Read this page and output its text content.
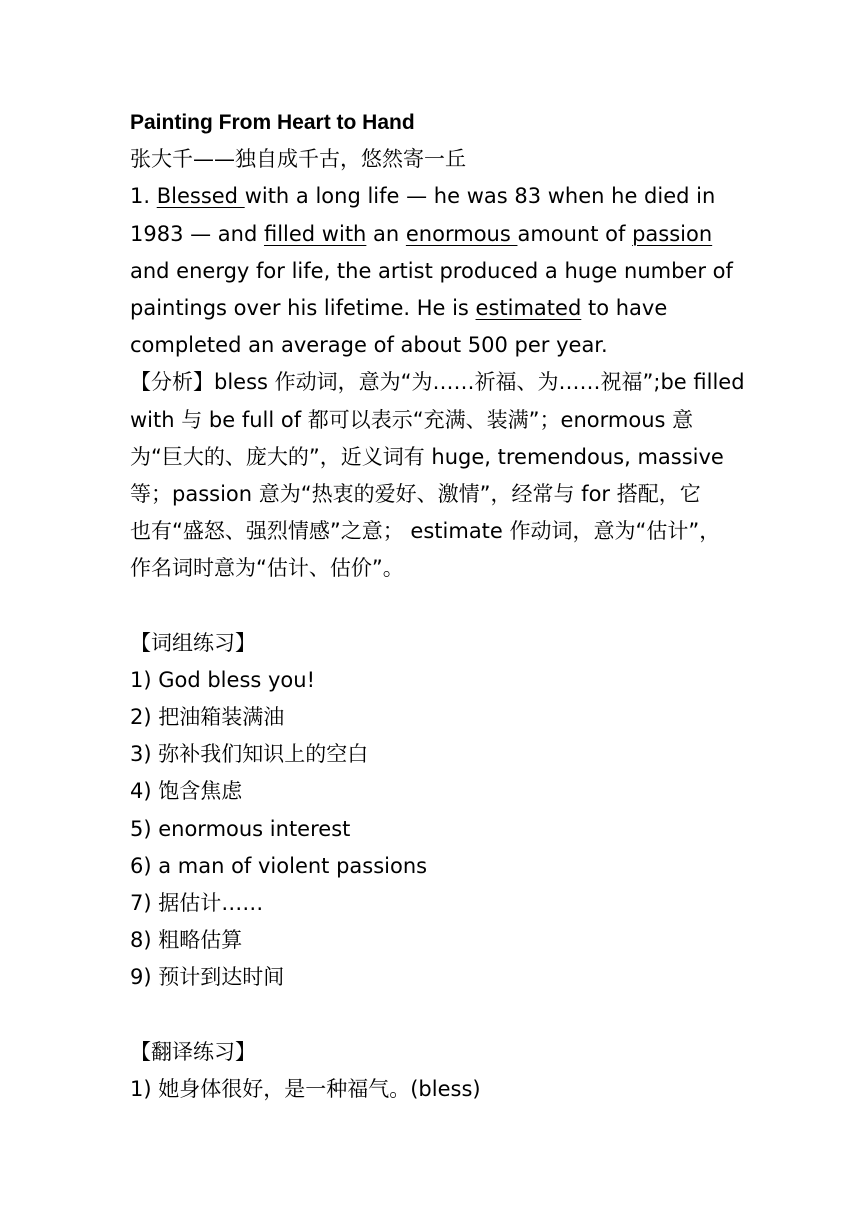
Painting From Heart to Hand
张大千——独自成千古，悠然寄一丘
1. Blessed with a long life — he was 83 when he died in
1983 — and filled with an enormous amount of passion
and energy for life, the artist produced a huge number of
paintings over his lifetime. He is estimated to have
completed an average of about 500 per year.
【分析】bless 作动词，意为“为……祈福、为……祝福”;be filled
with 与 be full of 都可以表示“充满、装满”；enormous 意
为“巨大的、庞大的”，近义词有 huge, tremendous, massive
等；passion 意为“热衷的爱好、激情”，经常与 for 搭配，它
也有“盛怒、强烈情感”之意； estimate 作动词，意为“估计”，
作名词时意为“估计、估价”。
【词组练习】
1) God bless you!
2) 把油箱装满油
3) 弥补我们知识上的空白
4) 饱含焦虑
5) enormous interest
6) a man of violent passions
7) 据估计……
8) 粗略估算
9) 预计到达时间
【翻译练习】
1) 她身体很好，是一种福气。(bless)
